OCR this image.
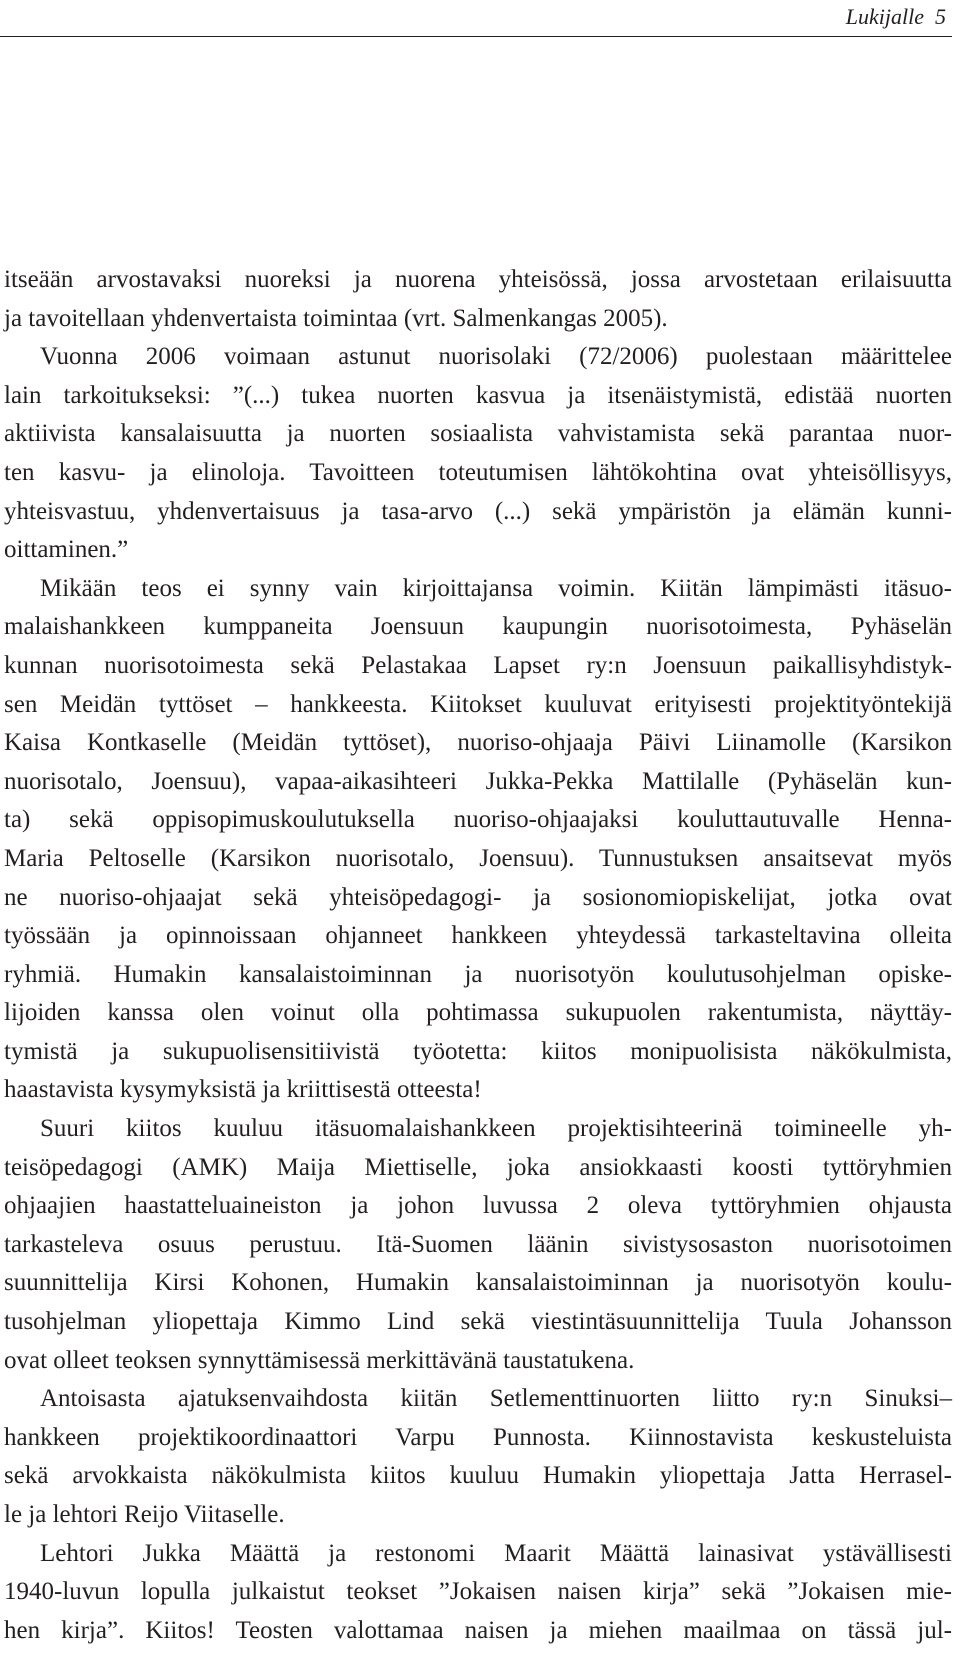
Lukijalle 5
itseään arvostavaksi nuoreksi ja nuorena yhteisössä, jossa arvostetaan erilaisuutta
ja tavoitellaan yhdenvertaista toimintaa (vrt. Salmenkangas 2005).
Vuonna 2006 voimaan astunut nuorisolaki (72/2006) puolestaan määrittelee
lain tarkoitukseksi: ”(...) tukea nuorten kasvua ja itsenäistymistä, edistää nuorten
aktiivista kansalaisuutta ja nuorten sosiaalista vahvistamista sekä parantaa nuor-
ten kasvu- ja elinoloja. Tavoitteen toteutumisen lähtökohtina ovat yhteisöllisyys,
yhteisvastuu, yhdenvertaisuus ja tasa-arvo (...) sekä ympäristön ja elämän kunni-
oittaminen.”
Mikään teos ei synny vain kirjoittajansa voimin. Kiitän lämpimästi itäsuo-
malaishankkeen kumppaneita Joensuun kaupungin nuorisotoimesta, Pyhäselän
kunnan nuorisotoimesta sekä Pelastakaa Lapset ry:n Joensuun paikallisyhdistyk-
sen Meidän tyttöset – hankkeesta. Kiitokset kuuluvat erityisesti projektityöntekijä
Kaisa Kontkaselle (Meidän tyttöset), nuoriso-ohjaaja Päivi Liinamolle (Karsikon
nuorisotalo, Joensuu), vapaa-aikasihteeri Jukka-Pekka Mattilalle (Pyhäselän kun-
ta) sekä oppisopimuskoulutuksella nuoriso-ohjaajaksi kouluttautuvalle Henna-
Maria Peltoselle (Karsikon nuorisotalo, Joensuu). Tunnustuksen ansaitsevat myös
ne nuoriso-ohjaajat sekä yhteisöpedagogi- ja sosionomiopiskelijat, jotka ovat
työssään ja opinnoissaan ohjanneet hankkeen yhteydessä tarkasteltavina olleita
ryhmiä. Humakin kansalaistoiminnan ja nuorisotyön koulutusohjelman opiske-
lijoiden kanssa olen voinut olla pohtimassa sukupuolen rakentumista, näyttäy-
tymistä ja sukupuolisensitiivistä työotetta: kiitos monipuolisista näkökulmista,
haastavista kysymyksistä ja kriittisestä otteesta!
Suuri kiitos kuuluu itäsuomalaishankkeen projektisihteerinä toimineelle yh-
teisöpedagogi (AMK) Maija Miettiselle, joka ansiokkaasti koosti tyttöryhmien
ohjaajien haastatteluaineiston ja johon luvussa 2 oleva tyttöryhmien ohjausta
tarkasteleva osuus perustuu. Itä-Suomen läänin sivistysosaston nuorisotoimen
suunnittelija Kirsi Kohonen, Humakin kansalaistoiminnan ja nuorisotyön koulu-
tusohjelman yliopettaja Kimmo Lind sekä viestintäsuunnittelija Tuula Johansson
ovat olleet teoksen synnyttämisessä merkittävänä taustatukena.
Antoisasta ajatuksenvaihdosta kiitän Setlementtinuorten liitto ry:n Sinuksi–
hankkeen projektikoordinaattori Varpu Punnosta. Kiinnostavista keskusteluista
sekä arvokkaista näkökulmista kiitos kuuluu Humakin yliopettaja Jatta Herrasel-
le ja lehtori Reijo Viitaselle.
Lehtori Jukka Määttä ja restonomi Maarit Määttä lainasivat ystävällisesti
1940-luvun lopulla julkaistut teokset ”Jokaisen naisen kirja” sekä ”Jokaisen mie-
hen kirja”. Kiitos! Teosten valottamaa naisen ja miehen maailmaa on tässä jul-
